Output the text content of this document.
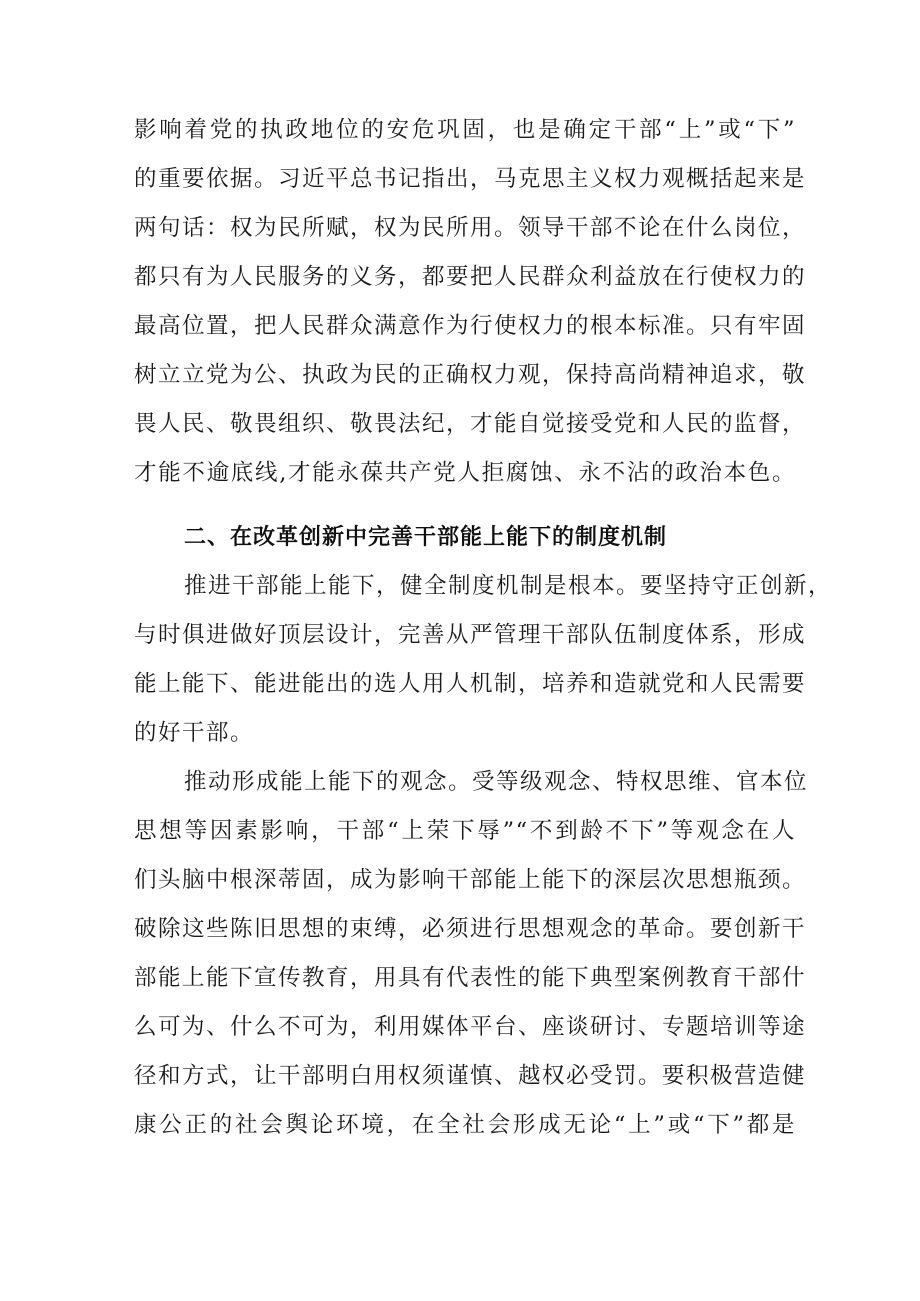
影响着党的执政地位的安危巩固，也是确定干部“上”或“下”
的重要依据。习近平总书记指出，马克思主义权力观概括起来是
两句话：权为民所赋，权为民所用。领导干部不论在什么岗位，
都只有为人民服务的义务，都要把人民群众利益放在行使权力的
最高位置，把人民群众满意作为行使权力的根本标准。只有牢固
树立立党为公、执政为民的正确权力观，保持高尚精神追求，敬
畏人民、敬畏组织、敬畏法纪，才能自觉接受党和人民的监督，
才能不逾底线,才能永葆共产党人拒腐蚀、永不沾的政治本色。
二、在改革创新中完善干部能上能下的制度机制
推进干部能上能下，健全制度机制是根本。要坚持守正创新，
与时俱进做好顶层设计，完善从严管理干部队伍制度体系，形成
能上能下、能进能出的选人用人机制，培养和造就党和人民需要
的好干部。
推动形成能上能下的观念。受等级观念、特权思维、官本位
思想等因素影响，干部“上荣下辱”“不到龄不下”等观念在人
们头脑中根深蒂固，成为影响干部能上能下的深层次思想瓶颈。
破除这些陈旧思想的束缚，必须进行思想观念的革命。要创新干
部能上能下宣传教育，用具有代表性的能下典型案例教育干部什
么可为、什么不可为，利用媒体平台、座谈研讨、专题培训等途
径和方式，让干部明白用权须谨慎、越权必受罚。要积极营造健
康公正的社会舆论环境，在全社会形成无论“上”或“下”都是
